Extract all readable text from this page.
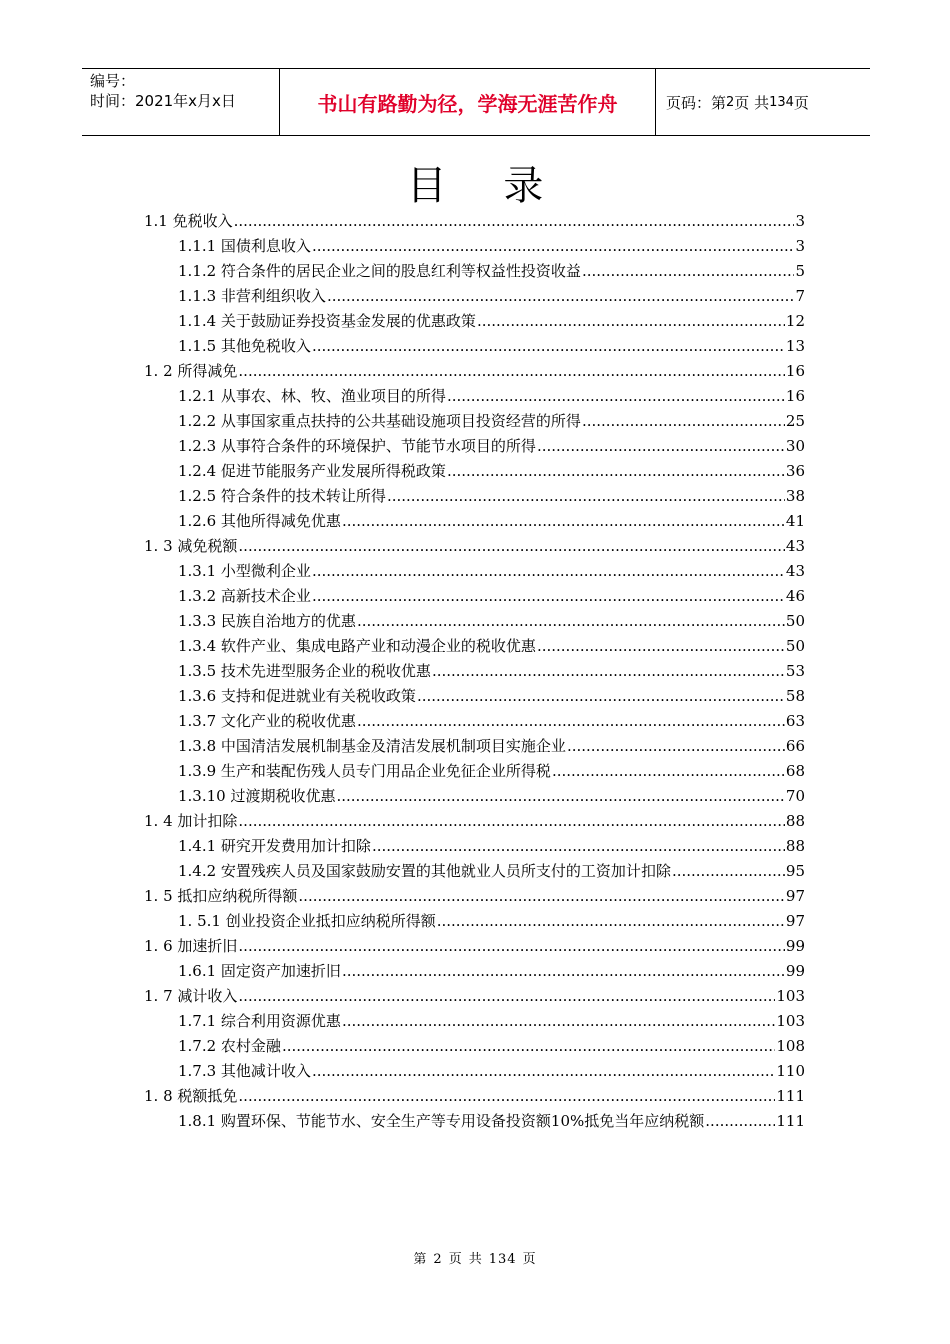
编号：
时间：2021年x月x日	书山有路勤为径，学海无涯苦作舟	页码：第 2 页 共 134 页
目 录
1.1 免税收入 .....	3
1.1.1 国债利息收入 .....	3
1.1.2 符合条件的居民企业之间的股息红利等权益性投资收益 .....	5
1.1.3 非营利组织收入 .....	7
1.1.4 关于鼓励证券投资基金发展的优惠政策 .....	12
1.1.5 其他免税收入 .....	13
1. 2 所得减免 .....	16
1.2.1 从事农、林、牧、渔业项目的所得 .....	16
1.2.2 从事国家重点扶持的公共基础设施项目投资经营的所得 .....	25
1.2.3 从事符合条件的环境保护、节能节水项目的所得 .....	30
1.2.4 促进节能服务产业发展所得税政策 .....	36
1.2.5 符合条件的技术转让所得 .....	38
1.2.6 其他所得减免优惠 .....	41
1. 3 减免税额 .....	43
1.3.1 小型微利企业 .....	43
1.3.2 高新技术企业 .....	46
1.3.3 民族自治地方的优惠 .....	50
1.3.4 软件产业、集成电路产业和动漫企业的税收优惠 .....	50
1.3.5 技术先进型服务企业的税收优惠 .....	53
1.3.6 支持和促进就业有关税收政策 .....	58
1.3.7 文化产业的税收优惠 .....	63
1.3.8 中国清洁发展机制基金及清洁发展机制项目实施企业 .....	66
1.3.9 生产和装配伤残人员专门用品企业免征企业所得税 .....	68
1.3.10 过渡期税收优惠 .....	70
1. 4 加计扣除 .....	88
1.4.1 研究开发费用加计扣除 .....	88
1.4.2 安置残疾人员及国家鼓励安置的其他就业人员所支付的工资加计扣除 .....	95
1. 5 抵扣应纳税所得额 .....	97
1. 5.1 创业投资企业抵扣应纳税所得额 .....	97
1. 6 加速折旧 .....	99
1.6.1 固定资产加速折旧 .....	99
1. 7 减计收入 .....	103
1.7.1 综合利用资源优惠 .....	103
1.7.2 农村金融 .....	108
1.7.3 其他减计收入 .....	110
1. 8 税额抵免 .....	111
1.8.1 购置环保、节能节水、安全生产等专用设备投资额10%抵免当年应纳税额 .....	111
第 2 页 共 134 页
